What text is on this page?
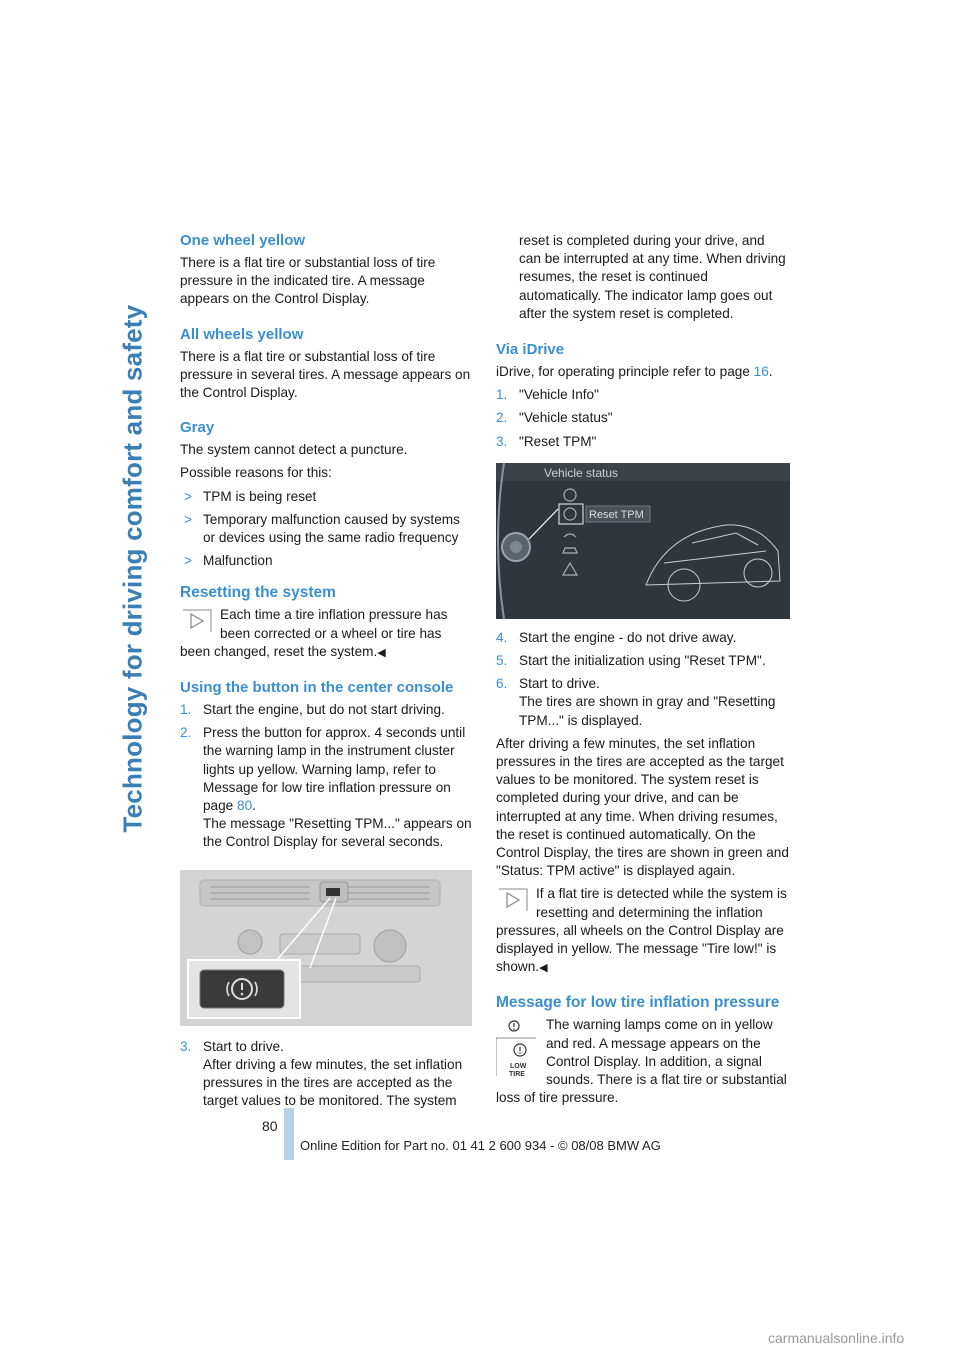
Technology for driving comfort and safety
One wheel yellow

There is a flat tire or substantial loss of tire pressure in the indicated tire. A message appears on the Control Display.

All wheels yellow

There is a flat tire or substantial loss of tire pressure in several tires. A message appears on the Control Display.

Gray

The system cannot detect a puncture.

Possible reasons for this:

> TPM is being reset
> Temporary malfunction caused by systems or devices using the same radio frequency
> Malfunction
Resetting the system

Each time a tire inflation pressure has been corrected or a wheel or tire has been changed, reset the system.◀

Using the button in the center console
1. Start the engine, but do not start driving.
2. Press the button for approx. 4 seconds until the warning lamp in the instrument cluster lights up yellow. Warning lamp, refer to Message for low tire inflation pressure on page 80.
The message "Resetting TPM..." appears on the Control Display for several seconds.
3. Start to drive.
After driving a few minutes, the set inflation pressures in the tires are accepted as the target values to be monitored. The system

reset is completed during your drive, and can be interrupted at any time. When driving resumes, the reset is continued automatically. The indicator lamp goes out after the system reset is completed.

Via iDrive

iDrive, for operating principle refer to page 16.

1. "Vehicle Info"
2. "Vehicle status"
3. "Reset TPM"
Vehicle status
Reset TPM
4. Start the engine - do not drive away.
5. Start the initialization using "Reset TPM".
6. Start to drive.
The tires are shown in gray and "Resetting TPM..." is displayed.

After driving a few minutes, the set inflation pressures in the tires are accepted as the target values to be monitored. The system reset is completed during your drive, and can be interrupted at any time. When driving resumes, the reset is continued automatically. On the Control Display, the tires are shown in green and "Status: TPM active" is displayed again.

If a flat tire is detected while the system is resetting and determining the inflation pressures, all wheels on the Control Display are displayed in yellow. The message "Tire low!" is shown.◀

Message for low tire inflation pressure
LOW
TIRE
The warning lamps come on in yellow and red. A message appears on the Control Display. In addition, a signal sounds. There is a flat tire or substantial loss of tire pressure.
80
Online Edition for Part no. 01 41 2 600 934 - © 08/08 BMW AG
carmanualsonline.info
